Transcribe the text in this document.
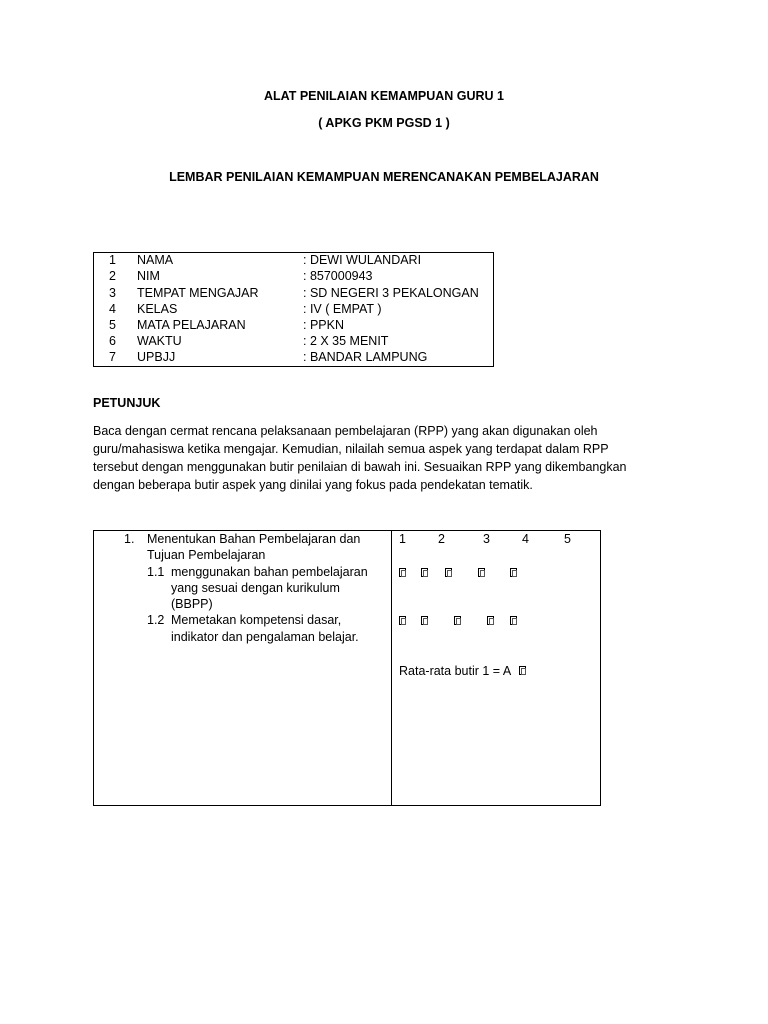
ALAT PENILAIAN KEMAMPUAN GURU 1
( APKG PKM PGSD 1 )
LEMBAR PENILAIAN KEMAMPUAN MERENCANAKAN PEMBELAJARAN
1	NAMA	: DEWI WULANDARI
2	NIM	: 857000943
3	TEMPAT MENGAJAR	: SD NEGERI 3 PEKALONGAN
4	KELAS	: IV ( EMPAT )
5	MATA PELAJARAN	: PPKN
6	WAKTU	: 2 X 35 MENIT
7	UPBJJ	: BANDAR LAMPUNG
PETUNJUK
Baca dengan cermat rencana pelaksanaan pembelajaran (RPP) yang akan digunakan oleh
guru/mahasiswa ketika mengajar. Kemudian, nilailah semua aspek yang terdapat dalam RPP
tersebut dengan menggunakan butir penilaian di bawah ini. Sesuaikan RPP yang dikembangkan
dengan beberapa butir aspek yang dinilai yang fokus pada pendekatan tematik.
1. Menentukan Bahan Pembelajaran dan
Tujuan Pembelajaran
1.1 menggunakan bahan pembelajaran
yang sesuai dengan kurikulum
(BBPP)
1.2 Memetakan kompetensi dasar,
indikator dan pengalaman belajar.
1	2	3	4	5
Rata-rata butir 1 = A
